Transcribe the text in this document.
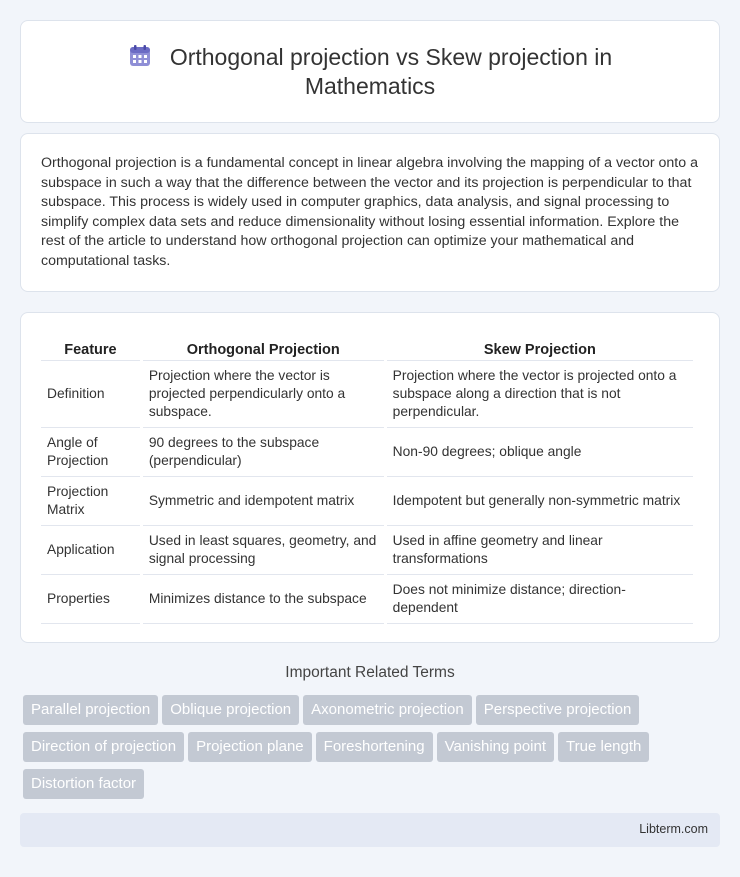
Orthogonal projection vs Skew projection in
Mathematics

Orthogonal projection is a fundamental concept in linear algebra involving the mapping of a vector onto a subspace in such a way that the difference between the vector and its projection is perpendicular to that subspace. This process is widely used in computer graphics, data analysis, and signal processing to simplify complex data sets and reduce dimensionality without losing essential information. Explore the rest of the article to understand how orthogonal projection can optimize your mathematical and computational tasks.

Feature	Orthogonal Projection	Skew Projection
Definition	Projection where the vector is projected perpendicularly onto a subspace.	Projection where the vector is projected onto a subspace along a direction that is not perpendicular.
Angle of Projection	90 degrees to the subspace (perpendicular)	Non-90 degrees; oblique angle
Projection Matrix	Symmetric and idempotent matrix	Idempotent but generally non-symmetric matrix
Application	Used in least squares, geometry, and signal processing	Used in affine geometry and linear transformations
Properties	Minimizes distance to the subspace	Does not minimize distance; direction-dependent
Important Related Terms
Parallel projection	Oblique projection	Axonometric projection	Perspective projection
Direction of projection	Projection plane	Foreshortening	Vanishing point	True length
Distortion factor
Libterm.com
